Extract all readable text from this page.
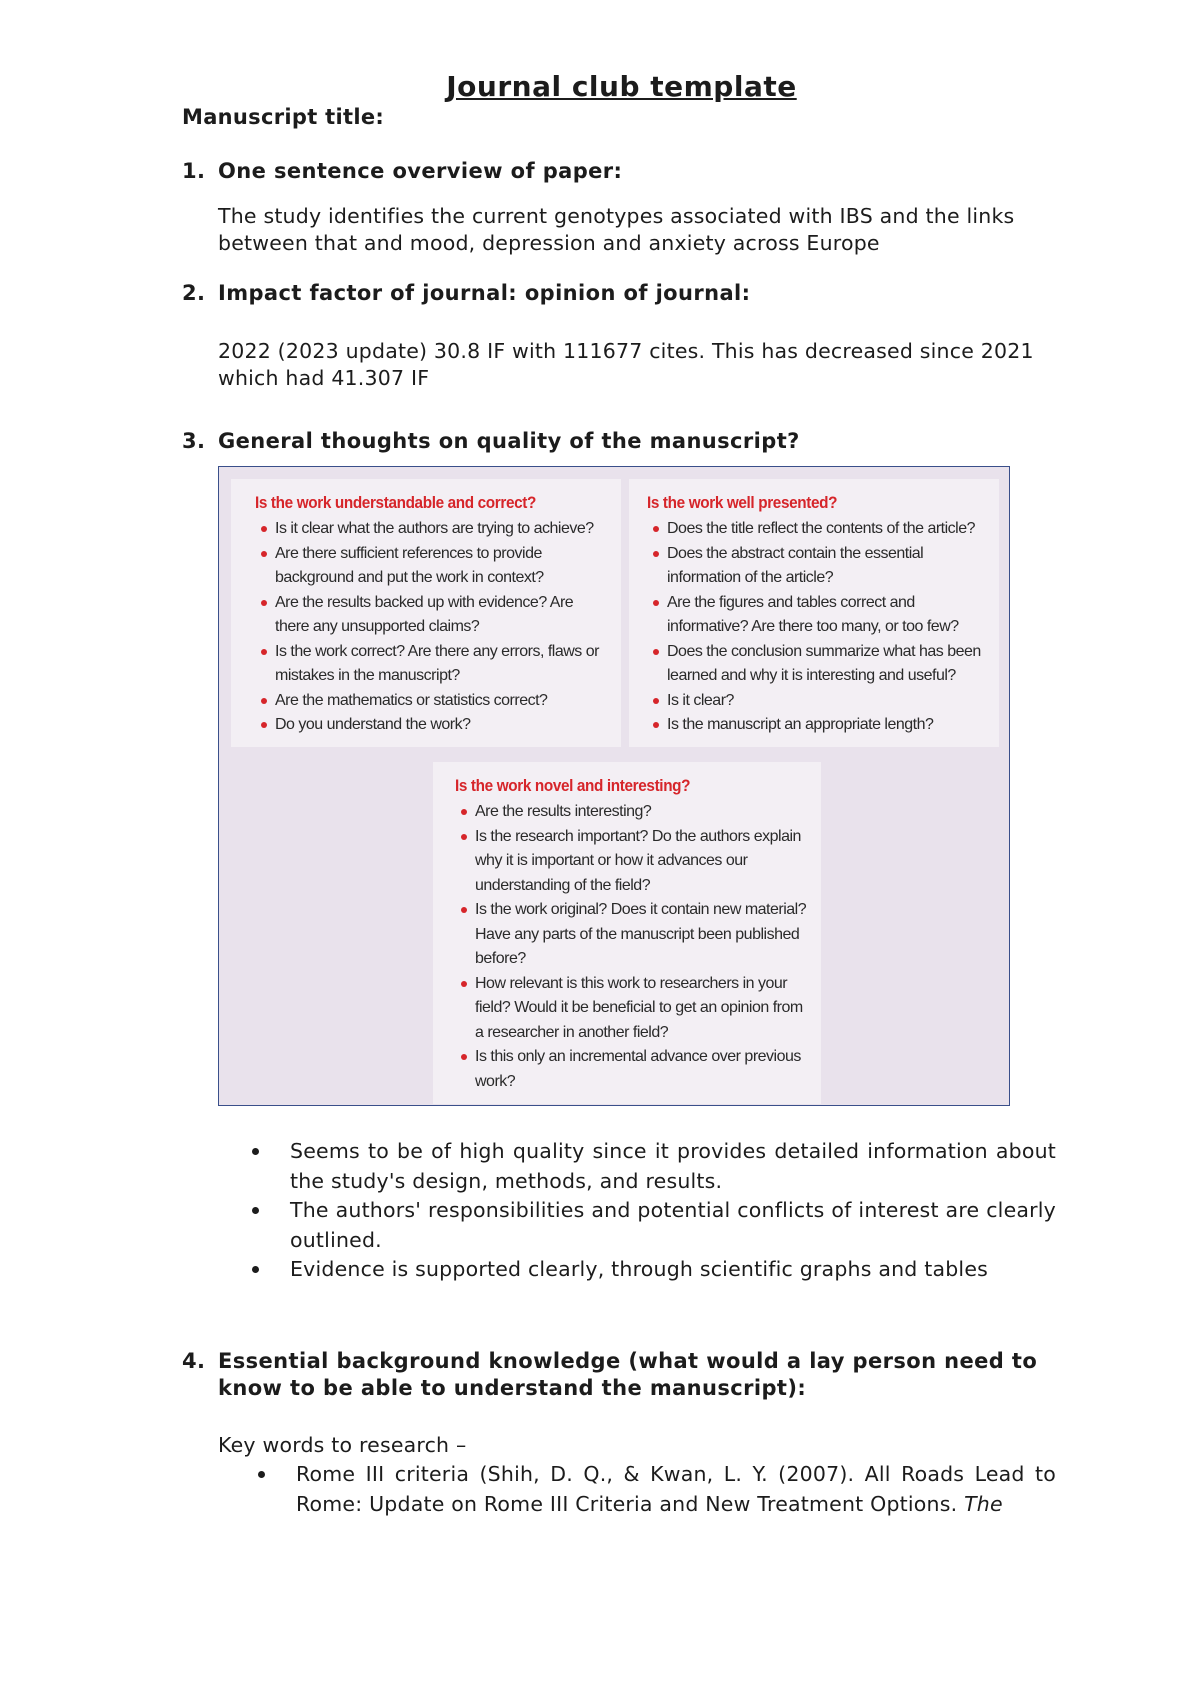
Journal club template

Manuscript title:

1. One sentence overview of paper:

The study identifies the current genotypes associated with IBS and the links between that and mood, depression and anxiety across Europe

2. Impact factor of journal: opinion of journal:

2022 (2023 update) 30.8 IF with 111677 cites. This has decreased since 2021 which had 41.307 IF

3. General thoughts on quality of the manuscript?

Is the work understandable and correct?

Is it clear what the authors are trying to achieve?
Are there sufficient references to provide background and put the work in context?
Are the results backed up with evidence? Are there any unsupported claims?
Is the work correct? Are there any errors, flaws or mistakes in the manuscript?
Are the mathematics or statistics correct?
Do you understand the work?

Is the work well presented?

Does the title reflect the contents of the article?
Does the abstract contain the essential information of the article?
Are the figures and tables correct and informative? Are there too many, or too few?
Does the conclusion summarize what has been learned and why it is interesting and useful?
Is it clear?
Is the manuscript an appropriate length?

Is the work novel and interesting?

Are the results interesting?
Is the research important? Do the authors explain why it is important or how it advances our understanding of the field?
Is the work original? Does it contain new material? Have any parts of the manuscript been published before?
How relevant is this work to researchers in your field? Would it be beneficial to get an opinion from a researcher in another field?
Is this only an incremental advance over previous work?
Seems to be of high quality since it provides detailed information about the study's design, methods, and results.
The authors' responsibilities and potential conflicts of interest are clearly outlined.
Evidence is supported clearly, through scientific graphs and tables

4. Essential background knowledge (what would a lay person need to know to be able to understand the manuscript):

Key words to research –

Rome III criteria (Shih, D. Q., & Kwan, L. Y. (2007). All Roads Lead to Rome: Update on Rome III Criteria and New Treatment Options. The
